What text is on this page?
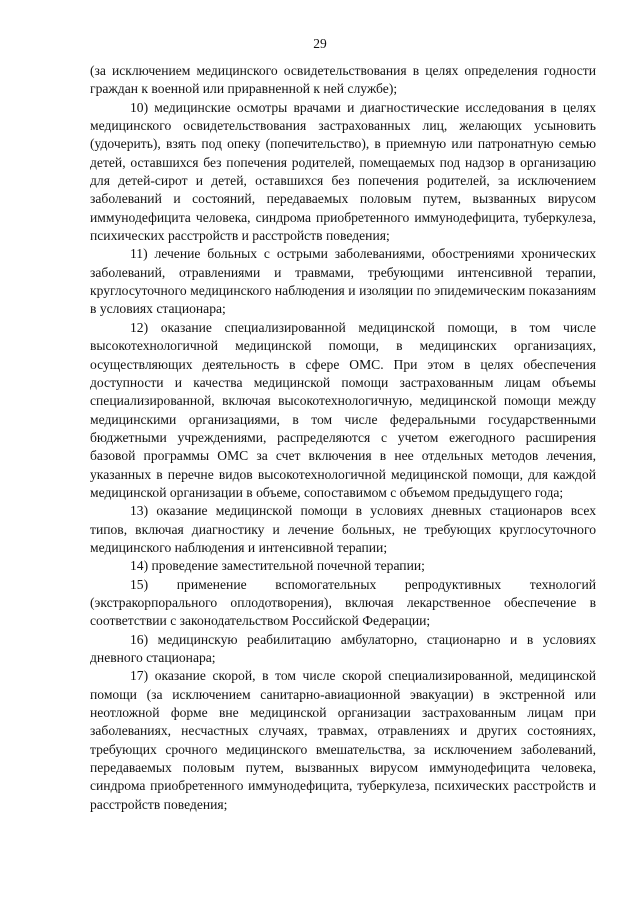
29

(за исключением медицинского освидетельствования в целях определения годности граждан к военной или приравненной к ней службе);

10) медицинские осмотры врачами и диагностические исследования в целях медицинского освидетельствования застрахованных лиц, желающих усыновить (удочерить), взять под опеку (попечительство), в приемную или патронатную семью детей, оставшихся без попечения родителей, помещаемых под надзор в организацию для детей-сирот и детей, оставшихся без попечения родителей, за исключением заболеваний и состояний, передаваемых половым путем, вызванных вирусом иммунодефицита человека, синдрома приобретенного иммунодефицита, туберкулеза, психических расстройств и расстройств поведения;

11) лечение больных с острыми заболеваниями, обострениями хронических заболеваний, отравлениями и травмами, требующими интенсивной терапии, круглосуточного медицинского наблюдения и изоляции по эпидемическим показаниям в условиях стационара;

12) оказание специализированной медицинской помощи, в том числе высокотехнологичной медицинской помощи, в медицинских организациях, осуществляющих деятельность в сфере ОМС. При этом в целях обеспечения доступности и качества медицинской помощи застрахованным лицам объемы специализированной, включая высокотехнологичную, медицинской помощи между медицинскими организациями, в том числе федеральными государственными бюджетными учреждениями, распределяются с учетом ежегодного расширения базовой программы ОМС за счет включения в нее отдельных методов лечения, указанных в перечне видов высокотехнологичной медицинской помощи, для каждой медицинской организации в объеме, сопоставимом с объемом предыдущего года;

13) оказание медицинской помощи в условиях дневных стационаров всех типов, включая диагностику и лечение больных, не требующих круглосуточного медицинского наблюдения и интенсивной терапии;

14) проведение заместительной почечной терапии;

15) применение вспомогательных репродуктивных технологий (экстракорпорального оплодотворения), включая лекарственное обеспечение в соответствии с законодательством Российской Федерации;

16) медицинскую реабилитацию амбулаторно, стационарно и в условиях дневного стационара;

17) оказание скорой, в том числе скорой специализированной, медицинской помощи (за исключением санитарно-авиационной эвакуации) в экстренной или неотложной форме вне медицинской организации застрахованным лицам при заболеваниях, несчастных случаях, травмах, отравлениях и других состояниях, требующих срочного медицинского вмешательства, за исключением заболеваний, передаваемых половым путем, вызванных вирусом иммунодефицита человека, синдрома приобретенного иммунодефицита, туберкулеза, психических расстройств и расстройств поведения;
